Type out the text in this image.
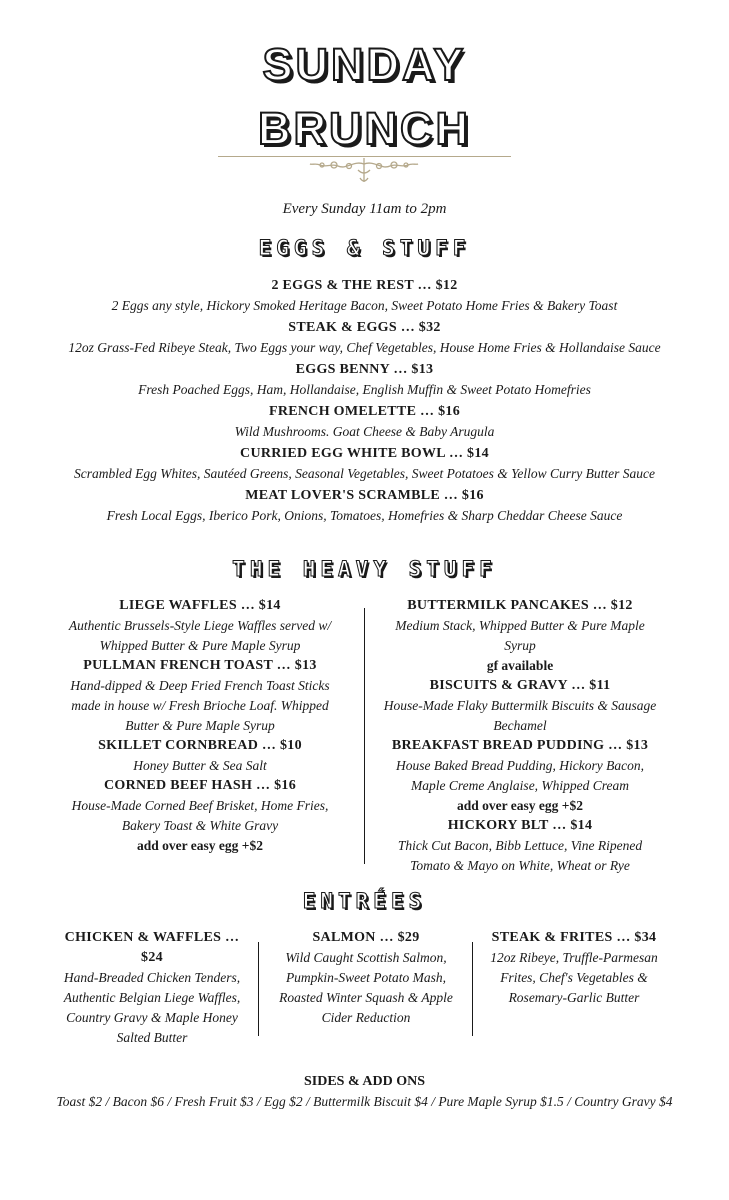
SUNDAY
BRUNCH
Every Sunday 11am to 2pm
EGGS & STUFF
2 EGGS & THE REST … $12
2 Eggs any style, Hickory Smoked Heritage Bacon, Sweet Potato Home Fries & Bakery Toast
STEAK & EGGS … $32
12oz Grass-Fed Ribeye Steak, Two Eggs your way, Chef Vegetables, House Home Fries & Hollandaise Sauce
EGGS BENNY … $13
Fresh Poached Eggs, Ham, Hollandaise, English Muffin & Sweet Potato Homefries
FRENCH OMELETTE … $16
Wild Mushrooms. Goat Cheese & Baby Arugula
CURRIED EGG WHITE BOWL … $14
Scrambled Egg Whites, Sautéed Greens, Seasonal Vegetables, Sweet Potatoes & Yellow Curry Butter Sauce
MEAT LOVER'S SCRAMBLE … $16
Fresh Local Eggs, Iberico Pork, Onions, Tomatoes, Homefries & Sharp Cheddar Cheese Sauce
THE HEAVY STUFF
LIEGE WAFFLES … $14
Authentic Brussels-Style Liege Waffles served w/ Whipped Butter & Pure Maple Syrup
PULLMAN FRENCH TOAST … $13
Hand-dipped & Deep Fried French Toast Sticks made in house w/ Fresh Brioche Loaf. Whipped Butter & Pure Maple Syrup
SKILLET CORNBREAD … $10
Honey Butter & Sea Salt
CORNED BEEF HASH … $16
House-Made Corned Beef Brisket, Home Fries, Bakery Toast & White Gravy
add over easy egg +$2
BUTTERMILK PANCAKES … $12
Medium Stack, Whipped Butter & Pure Maple Syrup
gf available
BISCUITS & GRAVY … $11
House-Made Flaky Buttermilk Biscuits & Sausage Bechamel
BREAKFAST BREAD PUDDING … $13
House Baked Bread Pudding, Hickory Bacon, Maple Creme Anglaise, Whipped Cream
add over easy egg +$2
HICKORY BLT … $14
Thick Cut Bacon, Bibb Lettuce, Vine Ripened Tomato & Mayo on White, Wheat or Rye
ENTRÉES
CHICKEN & WAFFLES … $24
Hand-Breaded Chicken Tenders, Authentic Belgian Liege Waffles, Country Gravy & Maple Honey Salted Butter
SALMON … $29
Wild Caught Scottish Salmon, Pumpkin-Sweet Potato Mash, Roasted Winter Squash & Apple Cider Reduction
STEAK & FRITES … $34
12oz Ribeye, Truffle-Parmesan Frites, Chef's Vegetables & Rosemary-Garlic Butter
SIDES & ADD ONS
Toast $2 / Bacon $6 / Fresh Fruit $3 / Egg $2 / Buttermilk Biscuit $4 / Pure Maple Syrup $1.5 / Country Gravy $4
